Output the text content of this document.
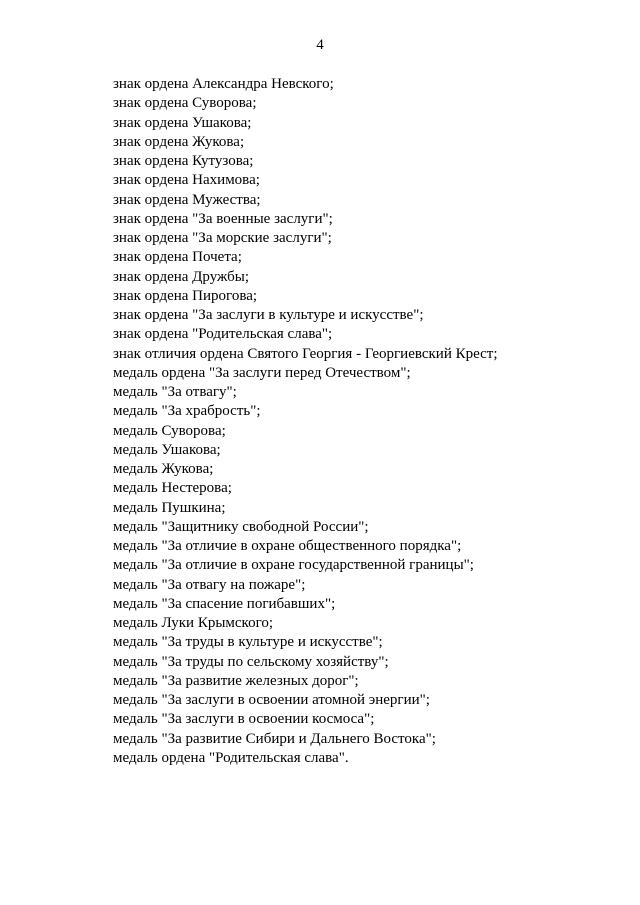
4
знак ордена Александра Невского;
знак ордена Суворова;
знак ордена Ушакова;
знак ордена Жукова;
знак ордена Кутузова;
знак ордена Нахимова;
знак ордена Мужества;
знак ордена "За военные заслуги";
знак ордена "За морские заслуги";
знак ордена Почета;
знак ордена Дружбы;
знак ордена Пирогова;
знак ордена "За заслуги в культуре и искусстве";
знак ордена "Родительская слава";
знак отличия ордена Святого Георгия - Георгиевский Крест;
медаль ордена "За заслуги перед Отечеством";
медаль "За отвагу";
медаль "За храбрость";
медаль Суворова;
медаль Ушакова;
медаль Жукова;
медаль Нестерова;
медаль Пушкина;
медаль "Защитнику свободной России";
медаль "За отличие в охране общественного порядка";
медаль "За отличие в охране государственной границы";
медаль "За отвагу на пожаре";
медаль "За спасение погибавших";
медаль Луки Крымского;
медаль "За труды в культуре и искусстве";
медаль "За труды по сельскому хозяйству";
медаль "За развитие железных дорог";
медаль "За заслуги в освоении атомной энергии";
медаль "За заслуги в освоении космоса";
медаль "За развитие Сибири и Дальнего Востока";
медаль ордена "Родительская слава".
